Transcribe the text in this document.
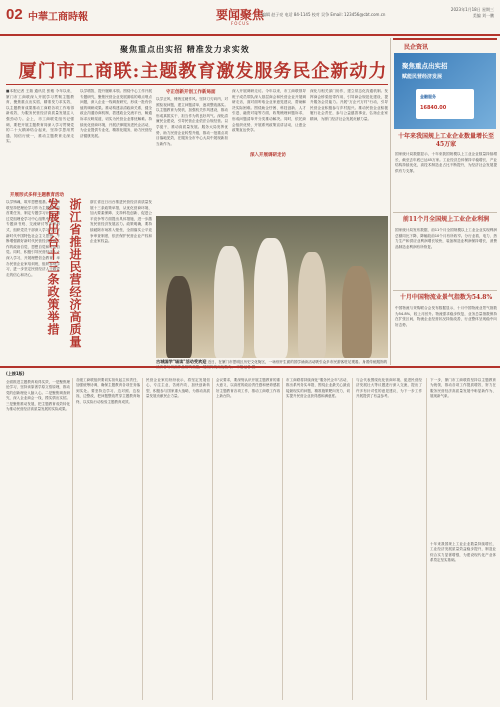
02 中華工商時報	要闻聚焦
FOCUS
编辑 赵子亮 电话 84-1145 校对 吴争 Email: 123456@cbt.com.cn
2023年1月18日 星期三
美编 刘一鹏
聚焦重点出实招 精准发力求实效
厦门市工商联:主题教育激发服务民企新动力
■本报记者 王瑞 通讯员 张雅 今年以来，厦门市工商联深入开展学习贯彻主题教育，聚焦重点出实招，精准发力求实效，以主题教育成果推动工商联各项工作取得新成效，为服务民营经济高质量发展注入强劲动力。会上，市工商联党组书记强调，要把开展主题教育同深入学习贯彻党的二十大精神结合起来，坚持学思用贯通、知信行统一，推动主题教育走深走实。
开展形式多样主题教育活动
以学铸魂，筑牢思想根基。市工商联坚持把理论学习作为主题教育的首要任务，制定专题学习计划，通过党组理论学习中心组集中学习、专题读书班、交流研讨等多种形式，组织党员干部深入学习习近平新时代中国特色社会主义思想，不断增强做好新时代民营经济统战工作的政治自觉、思想自觉和行动自觉。同时，积极引导民营经济人士深入学习，开展理想信念教育，举办民营企业家培训班，组织参观学习，进一步坚定民营经济人士跟党走的信心和决心。	浙江省推进民营经济高质量发展出台十三条政策举措
以学增智，提升履职本领。围绕中心工作开展专题研究，聚焦民营企业发展面临的难点堵点问题，深入企业一线调查研究，形成一批有价值的调研成果。推动构建亲清政商关系，健全政企沟通协商机制，搭建政企交流平台，畅通诉求反映渠道，切实为民营企业排忧解难。持续优化营商环境，开展法律服务进民企活动，为企业提供专业化、精准化服务，助力民营经济健康发展。
浙江省近日出台推进民营经济高质量发展十三条政策举措，从优化营商环境、加大要素保障、支持科技创新、促进公平竞争等方面提出具体措施，进一步激发民营经济发展活力。政策明确，要持续破除市场准入壁垒，全面落实公平竞争审查制度，依法保护民营企业产权和企业家权益。
守正创新开创工作新局面
以学正风，锤炼过硬作风。坚持刀刃向内，对照检视问题，建立问题清单，逐项整改落实。以主题教育为契机，加强机关作风建设，推动形成真抓实干、担当作为的良好风气。深化清廉民企建设，引导民营企业依法合规经营。以学促干，推动高质量发展。服务大局发挥优势，助力民营企业转型升级，推动一批重点项目落地见效，在服务全市中心大局中展现新担当新作为。
深入开展调研走访。今年以来，市工商联领导班子成员带队深入基层商会和民营企业开展调研走访，面对面听取企业家意见建议，帮助解决实际困难。围绕助企纾困、科技创新、人才引进、融资对接等方面，收集梳理问题诉求，形成问题清单并分类推动解决。同时，依托商会组织优势，开展系列政策宣讲活动，让惠企政策直达快享。
深入开展调研走访
深化与相关部门协作，建立常态化沟通机制。发挥商会桥梁纽带作用，引导商会规范化建设，提升服务会员能力。开展"万企兴万村"行动，引导民营企业积极参与乡村振兴。推动民营企业积极履行社会责任，参与公益慈善事业，弘扬企业家精神，为厦门经济社会发展贡献力量。
古城国学"诵读"活动受欢迎 近日，在厦门市思明区历史文化街区，一场别开生面的国学诵读活动吸引众多市民游客驻足观看。身着传统服饰的
民企资讯
聚焦重点出实招
赋能民营经济发展
金融服务
16840.00
十年来我国规上工业企业数量增长至45万家
国家统计局数据显示，十年来我国规模以上工业企业数量持续增长，截至去年底已达45万家。工业经济总体保持平稳增长，产业结构持续优化，高技术制造业占比不断提升，为经济社会发展提供有力支撑。
前11个月全国规上工业企业利润
国家统计局发布数据，前11个月全国规模以上工业企业实现利润总额同比下降，降幅较前10个月有所收窄。分行业看，电力、热力生产和供应业利润增长较快，装备制造业利润保持增长，消费品制造业利润有所恢复。
十月中国物流业景气指数为54.8%
中国物流与采购联合会发布数据显示，十月中国物流业景气指数为54.8%，较上月回升。物流需求稳步恢复，业务总量指数保持在扩张区间，物流企业经营状况持续改善，行业整体呈现稳中向好态势。
(上接1版)
全面推进主题教育取得实效，一是聚焦理论学习，坚持读原著学原文悟原理，推动党的创新理论入脑入心。二是聚焦调查研究，深入企业商会一线，摸实情出实招。三是聚焦推动发展，把主题教育成效转化为推动民营经济高质量发展的实际成果。
各级工商联组织要切实担负起主体责任，加强统筹协调，确保主题教育各项任务落到实处。要坚持边学习、边对照、边检视、边整改，把问题整改贯穿主题教育始终，以实际行动检验主题教育成效。
民营企业家们纷纷表示，将坚定发展信心，专注主业，苦练内功，加快创新转型，积极参与国家重大战略，为推动高质量发展贡献民企力量。
会议要求，要深刻认识开展主题教育的重大意义，以高度的政治责任感和使命感抓好主题教育各项工作，推动工商联工作再上新台阶。
市工商联将持续深化"服务民企年"活动，推出系列务实举措，围绕企业最关心最直接最现实的问题，精准施策靶向发力，切实提升民营企业获得感和满意度。
与会代表围绕优化营商环境、促进民营经济发展壮大等议题进行深入交流，提出了许多有针对性的意见建议，为下一步工作开展提供了有益参考。
下一步，厦门市工商联将坚持以主题教育为统领，推动各项工作提质增效，努力在服务民营经济高质量发展中彰显新作为、展现新气象。
十年来我国规上工业企业数量持续增长，工业经济发展质量效益稳步提升，制造业综合实力显著增强，为建设现代化产业体系奠定坚实基础。
